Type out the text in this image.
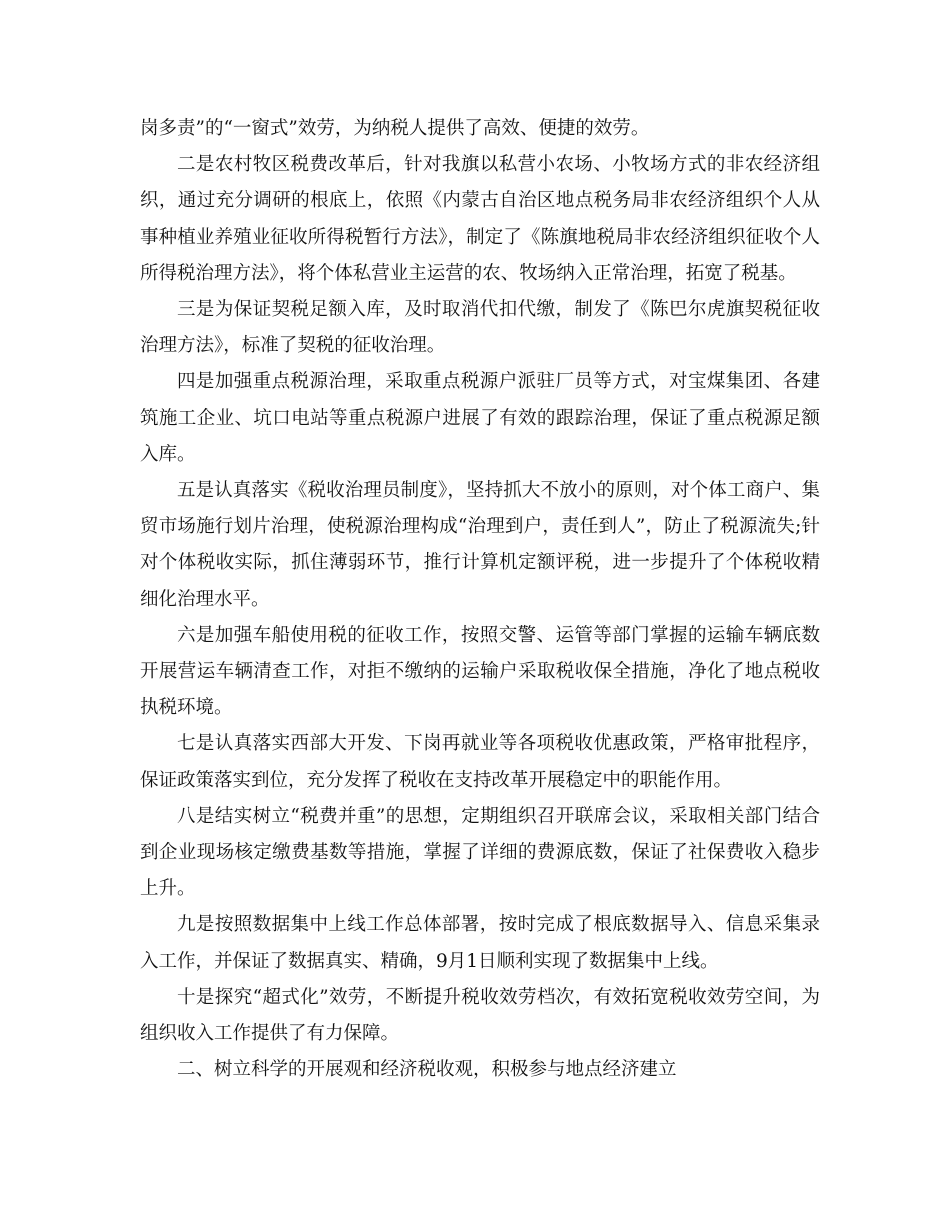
岗多责”的“一窗式”效劳，为纳税人提供了高效、便捷的效劳。

二是农村牧区税费改革后，针对我旗以私营小农场、小牧场方式的非农经济组织，通过充分调研的根底上，依照《内蒙古自治区地点税务局非农经济组织个人从事种植业养殖业征收所得税暂行方法》，制定了《陈旗地税局非农经济组织征收个人所得税治理方法》，将个体私营业主运营的农、牧场纳入正常治理，拓宽了税基。

三是为保证契税足额入库，及时取消代扣代缴，制发了《陈巴尔虎旗契税征收治理方法》，标准了契税的征收治理。

四是加强重点税源治理，采取重点税源户派驻厂员等方式，对宝煤集团、各建筑施工企业、坑口电站等重点税源户进展了有效的跟踪治理，保证了重点税源足额入库。

五是认真落实《税收治理员制度》，坚持抓大不放小的原则，对个体工商户、集贸市场施行划片治理，使税源治理构成“治理到户，责任到人”，防止了税源流失;针对个体税收实际，抓住薄弱环节，推行计算机定额评税，进一步提升了个体税收精细化治理水平。

六是加强车船使用税的征收工作，按照交警、运管等部门掌握的运输车辆底数开展营运车辆清查工作，对拒不缴纳的运输户采取税收保全措施，净化了地点税收执税环境。

七是认真落实西部大开发、下岗再就业等各项税收优惠政策，严格审批程序，保证政策落实到位，充分发挥了税收在支持改革开展稳定中的职能作用。

八是结实树立“税费并重”的思想，定期组织召开联席会议，采取相关部门结合到企业现场核定缴费基数等措施，掌握了详细的费源底数，保证了社保费收入稳步上升。

九是按照数据集中上线工作总体部署，按时完成了根底数据导入、信息采集录入工作，并保证了数据真实、精确，9月1日顺利实现了数据集中上线。

十是探究“超式化”效劳，不断提升税收效劳档次，有效拓宽税收效劳空间，为组织收入工作提供了有力保障。

二、树立科学的开展观和经济税收观，积极参与地点经济建立
